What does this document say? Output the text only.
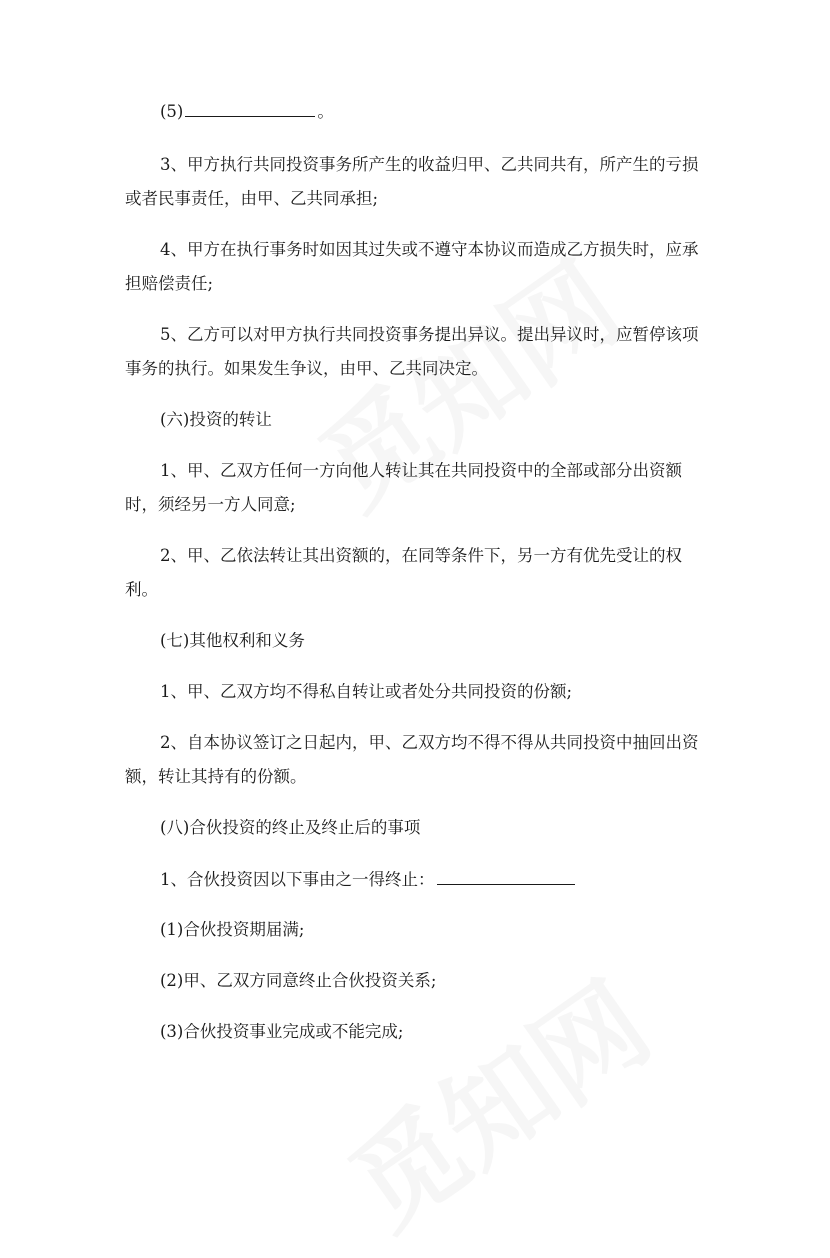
(5)	。
3、甲方执行共同投资事务所产生的收益归甲、乙共同共有，所产生的亏损
或者民事责任，由甲、乙共同承担;
4、甲方在执行事务时如因其过失或不遵守本协议而造成乙方损失时，应承
担赔偿责任;
5、乙方可以对甲方执行共同投资事务提出异议。提出异议时，应暂停该项
事务的执行。如果发生争议，由甲、乙共同决定。
(六)投资的转让
1、甲、乙双方任何一方向他人转让其在共同投资中的全部或部分出资额
时，须经另一方人同意;
2、甲、乙依法转让其出资额的，在同等条件下，另一方有优先受让的权
利。
(七)其他权利和义务
1、甲、乙双方均不得私自转让或者处分共同投资的份额;
2、自本协议签订之日起内，甲、乙双方均不得不得从共同投资中抽回出资
额，转让其持有的份额。
(八)合伙投资的终止及终止后的事项
1、合伙投资因以下事由之一得终止：
(1)合伙投资期届满;
(2)甲、乙双方同意终止合伙投资关系;
(3)合伙投资事业完成或不能完成;
